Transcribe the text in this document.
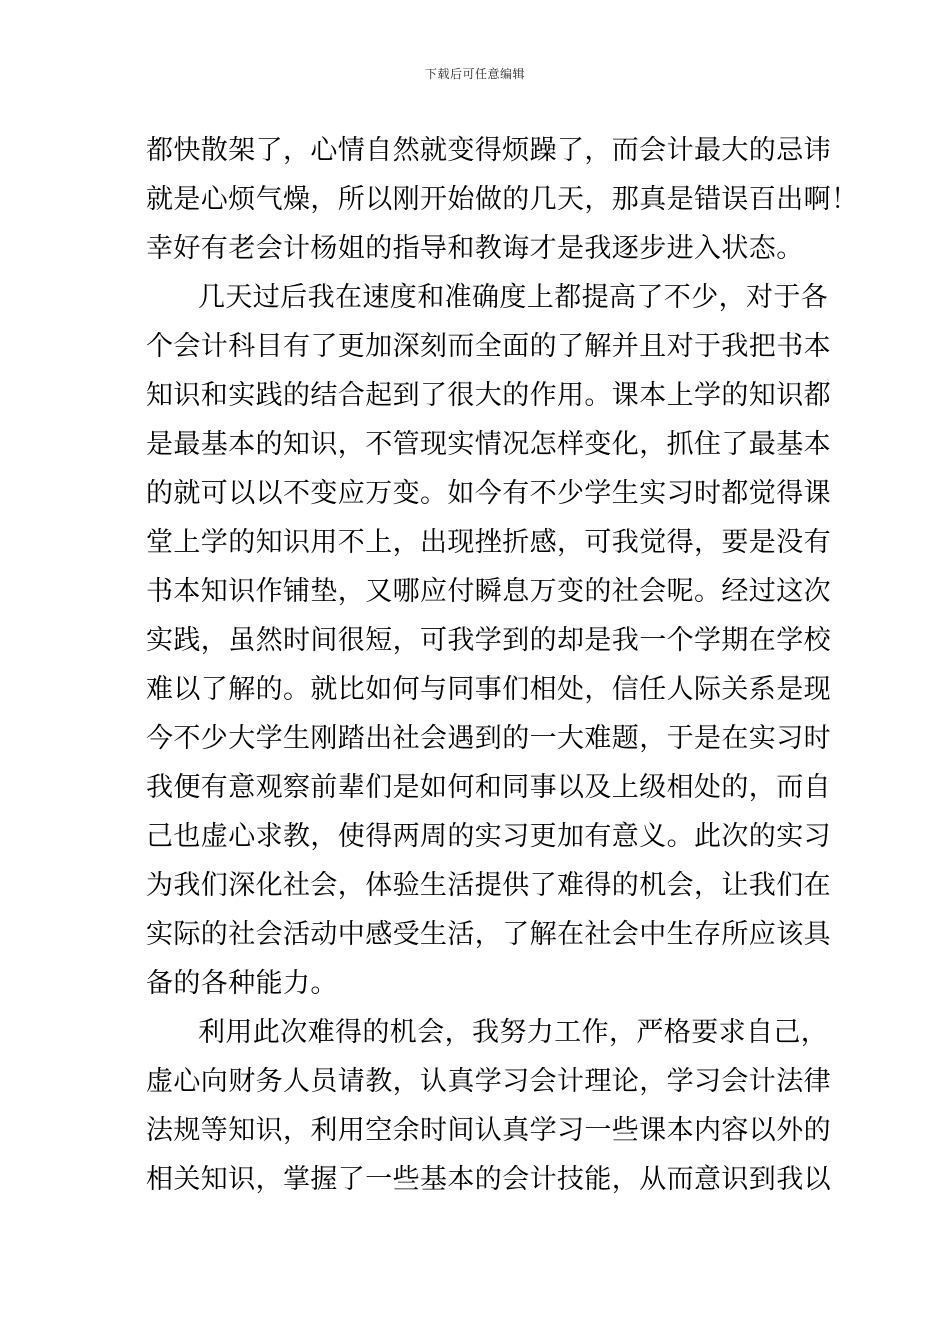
下载后可任意编辑
都快散架了，心情自然就变得烦躁了，而会计最大的忌讳
就是心烦气燥，所以刚开始做的几天，那真是错误百出啊！
幸好有老会计杨姐的指导和教诲才是我逐步进入状态。
几天过后我在速度和准确度上都提高了不少，对于各
个会计科目有了更加深刻而全面的了解并且对于我把书本
知识和实践的结合起到了很大的作用。课本上学的知识都
是最基本的知识，不管现实情况怎样变化，抓住了最基本
的就可以以不变应万变。如今有不少学生实习时都觉得课
堂上学的知识用不上，出现挫折感，可我觉得，要是没有
书本知识作铺垫，又哪应付瞬息万变的社会呢。经过这次
实践，虽然时间很短，可我学到的却是我一个学期在学校
难以了解的。就比如何与同事们相处，信任人际关系是现
今不少大学生刚踏出社会遇到的一大难题，于是在实习时
我便有意观察前辈们是如何和同事以及上级相处的，而自
己也虚心求教，使得两周的实习更加有意义。此次的实习
为我们深化社会，体验生活提供了难得的机会，让我们在
实际的社会活动中感受生活，了解在社会中生存所应该具
备的各种能力。
利用此次难得的机会，我努力工作，严格要求自己，
虚心向财务人员请教，认真学习会计理论，学习会计法律
法规等知识，利用空余时间认真学习一些课本内容以外的
相关知识，掌握了一些基本的会计技能，从而意识到我以
